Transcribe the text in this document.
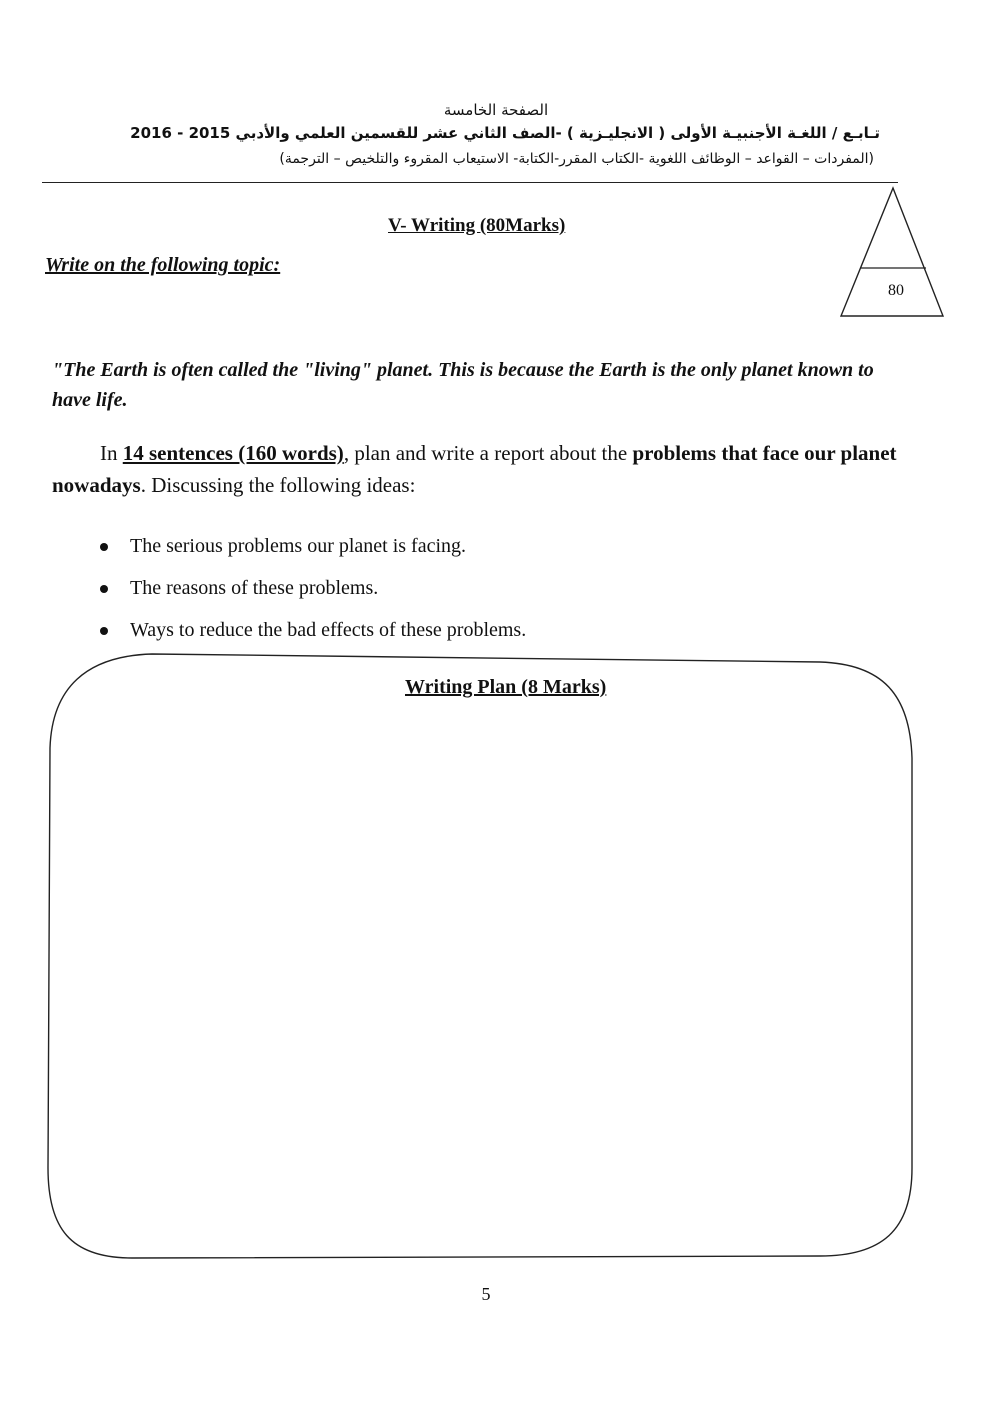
الصفحة الخامسة
تـابـع / اللغـة الأجنبيـة الأولى ( الانجليـزية ) -الصف الثاني عشر للقسمين العلمي والأدبي 2015 - 2016
(المفردات – القواعد – الوظائف اللغوية -الكتاب المقرر-الكتابة- الاستيعاب المقروء والتلخيص – الترجمة)
V- Writing (80Marks)
80
Write on the following topic:
"The Earth is often called the "living" planet. This is because the Earth is the only planet known to have life.
In 14 sentences (160 words), plan and write a report about the problems that face our planet nowadays. Discussing the following ideas:
The serious problems our planet is facing.
The reasons of these problems.
Ways to reduce the bad effects of these problems.
Writing Plan (8 Marks)
5
